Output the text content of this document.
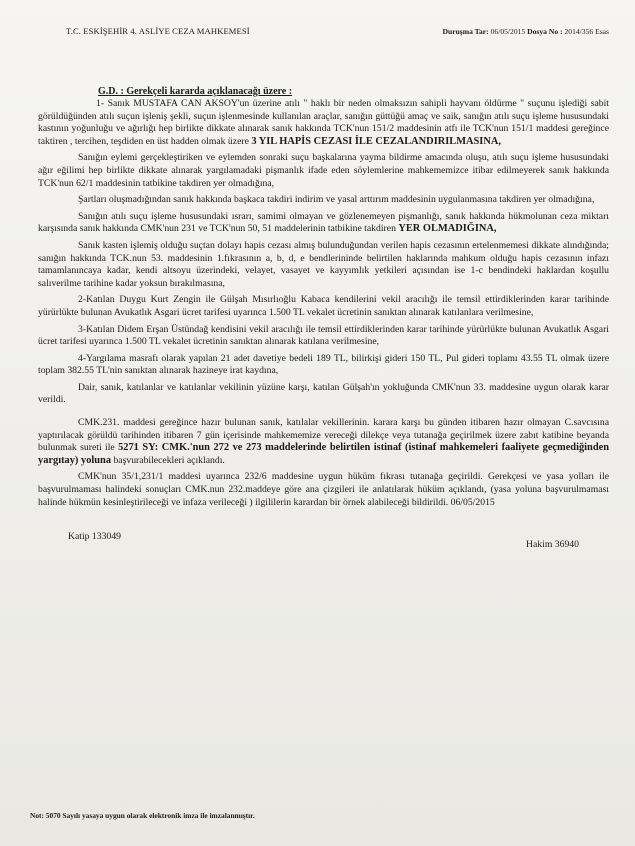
T.C. ESKİŞEHİR 4. ASLİYE CEZA MAHKEMESİ	Duruşma Tar: 06/05/2015 Dosya No : 2014/356 Esas
G.D. : Gerekçeli kararda açıklanacağı üzere :

1- Sanık MUSTAFA CAN AKSOY'un üzerine atılı " haklı bir neden olmaksızın sahipli hayvanı öldürme " suçunu işlediği sabit görüldüğünden atılı suçun işleniş şekli, suçun işlenmesinde kullanılan araçlar, sanığın güttüğü amaç ve saik, sanığın atılı suçu işleme hususundaki kastının yoğunluğu ve ağırlığı hep birlikte dikkate alınarak sanık hakkında TCK'nun 151/2 maddesinin atfı ile TCK'nun 151/1 maddesi gereğince taktiren , tercihen, teşdiden en üst hadden olmak üzere 3 YIL HAPİS CEZASI İLE CEZALANDIRILMASINA,

Sanığın eylemi gerçekleştiriken ve eylemden sonraki suçu başkalarına yayma bildirme amacında oluşu, atılı suçu işleme hususundaki ağır eğilimi hep birlikte dikkate alınarak yargılamadaki pişmanlık ifade eden söylemlerine mahkememizce itibar edilmeyerek sanık hakkında TCK'nun 62/1 maddesinin tatbikine takdiren yer olmadığına,

Şartları oluşmadığından sanık hakkında başkaca takdiri indirim ve yasal arttırım maddesinin uygulanmasına takdiren yer olmadığına,

Sanığın atılı suçu işleme hususundaki ısrarı, samimi olmayan ve gözlenemeyen pişmanlığı, sanık hakkında hükmolunan ceza miktarı karşısında sanık hakkında CMK'nun 231 ve TCK'nun 50, 51 maddelerinin tatbikine takdiren YER OLMADIĞINA,

Sanık kasten işlemiş olduğu suçtan dolayı hapis cezası almış bulunduğundan verilen hapis cezasının ertelenmemesi dikkate alındığında; sanığın hakkında TCK.nun 53. maddesinin 1.fıkrasının a, b, d, e bendlerininde belirtilen haklarında mahkum olduğu hapis cezasının infazı tamamlanıncaya kadar, kendi altsoyu üzerindeki, velayet, vasayet ve kayyımlık yetkileri açısından ise 1-c bendindeki haklardan koşullu salıverilme tarihine kadar yoksun bırakılmasına,

2-Katılan Duygu Kurt Zengin ile Gülşah Mısırlıoğlu Kabaca kendilerini vekil aracılığı ile temsil ettirdiklerinden karar tarihinde yürürlükte bulunan Avukatlık Asgari ücret tarifesi uyarınca 1.500 TL vekalet ücretinin sanıktan alınarak katılanlara verilmesine,

3-Katılan Didem Erşan Üstündağ kendisini vekil aracılığı ile temsil ettirdiklerinden karar tarihinde yürürlükte bulunan Avukatlık Asgari ücret tarifesi uyarınca 1.500 TL vekalet ücretinin sanıktan alınarak katılana verilmesine,

4-Yargılama masrafı olarak yapılan 21 adet davetiye bedeli 189 TL, bilirkişi gideri 150 TL, Pul gideri toplamı 43.55 TL olmak üzere toplam 382.55 TL'nin sanıktan alınarak hazineye irat kaydına,

Dair, sanık, katılanlar ve katılanlar vekilinin yüzüne karşı, katılan Gülşah'ın yokluğunda CMK'nun 33. maddesine uygun olarak karar verildi.

CMK.231. maddesi gereğince hazır bulunan sanık, katılalar vekillerinin. karara karşı bu günden itibaren hazır olmayan C.savcısına yaptırılacak görüldü tarihinden itibaren 7 gün içerisinde mahkememize vereceği dilekçe veya tutanağa geçirilmek üzere zabıt katibine beyanda bulunmak sureti ile 5271 SY: CMK.'nun 272 ve 273 maddelerinde belirtilen istinaf (istinaf mahkemeleri faaliyete geçmediğinden yargıtay) yoluna başvurabilecekleri açıklandı.

CMK'nun 35/1,231/1 maddesi uyarınca 232/6 maddesine uygun hüküm fıkrası tutanağa geçirildi. Gerekçesi ve yasa yolları ile başvurulmaması halindeki sonuçları CMK.nun 232.maddeye göre ana çizgileri ile anlatılarak hüküm açıklandı, (yasa yoluna başvurulmaması halinde hükmün kesinleştirileceği ve infaza verileceği ) ilgililerin karardan bir örnek alabileceği bildirildi. 06/05/2015

Katip 133049
Hakim 36940
Not: 5070 Sayılı yasaya uygun olarak elektronik imza ile imzalanmıştır.
